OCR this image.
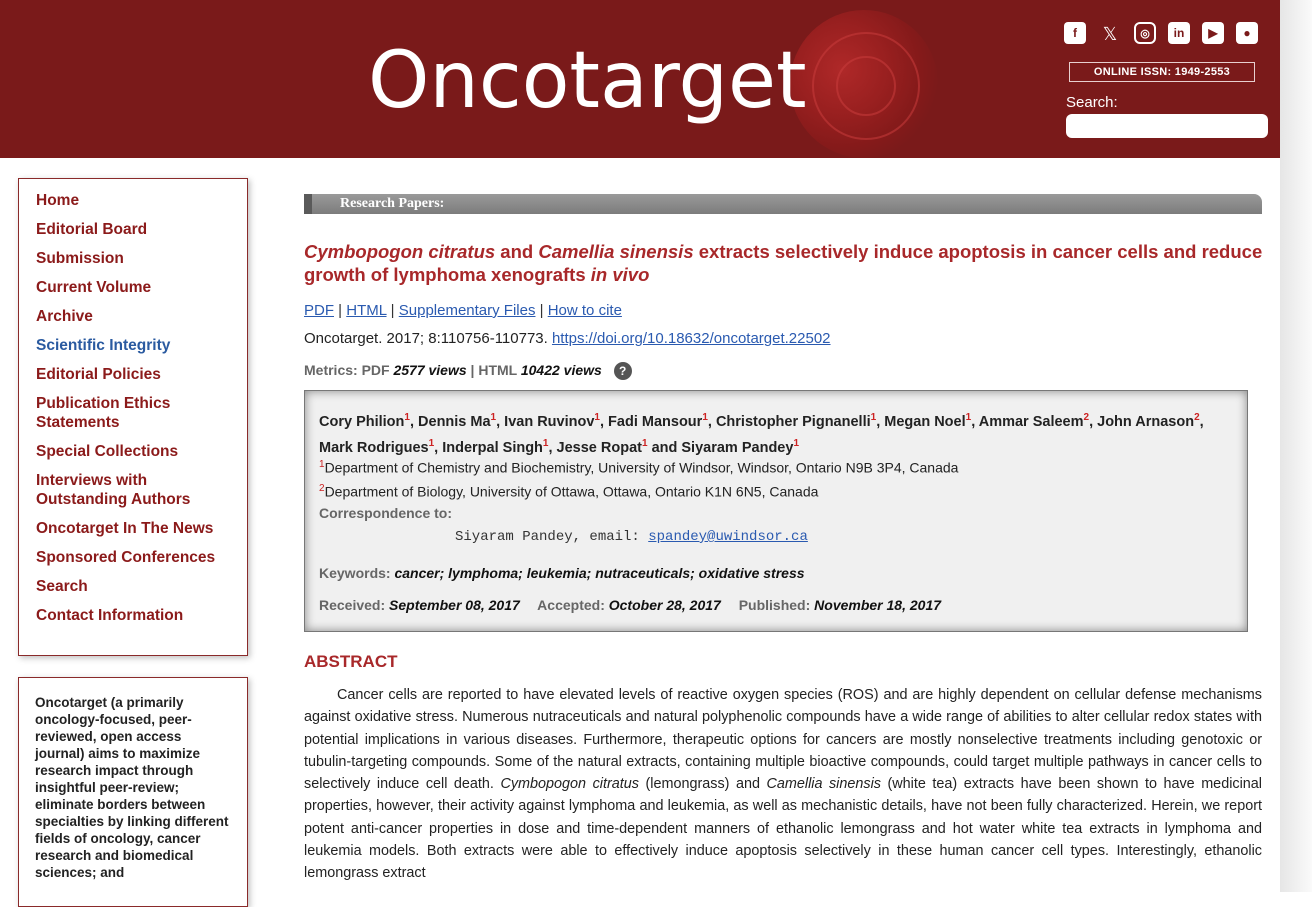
Oncotarget
f	𝕏	◎	in	▶	●
ONLINE ISSN: 1949-2553
Search:
Home
Editorial Board
Submission
Current Volume
Archive
Scientific Integrity
Editorial Policies
Publication Ethics Statements
Special Collections
Interviews with Outstanding Authors
Oncotarget In The News
Sponsored Conferences
Search
Contact Information
Oncotarget (a primarily oncology-focused, peer-reviewed, open access journal) aims to maximize research impact through insightful peer-review; eliminate borders between specialties by linking different fields of oncology, cancer research and biomedical sciences; and
Research Papers:
Cymbopogon citratus and Camellia sinensis extracts selectively induce apoptosis in cancer cells and reduce growth of lymphoma xenografts in vivo
PDF | HTML | Supplementary Files | How to cite
Oncotarget. 2017; 8:110756-110773. https://doi.org/10.18632/oncotarget.22502
Metrics: PDF 2577 views | HTML 10422 views ?
Cory Philion$^1$, Dennis Ma$^1$, Ivan Ruvinov$^1$, Fadi Mansour$^1$, Christopher Pignanelli$^1$, Megan Noel$^1$, Ammar Saleem$^2$, John Arnason$^2$, Mark Rodrigues$^1$, Inderpal Singh$^1$, Jesse Ropat$^1$ and Siyaram Pandey$^1$
$^1$Department of Chemistry and Biochemistry, University of Windsor, Windsor, Ontario N9B 3P4, Canada
$^2$Department of Biology, University of Ottawa, Ottawa, Ontario K1N 6N5, Canada
Correspondence to:
Siyaram Pandey, email: spandey@uwindsor.ca
Keywords: cancer; lymphoma; leukemia; nutraceuticals; oxidative stress
Received: September 08, 2017 Accepted: October 28, 2017 Published: November 18, 2017
ABSTRACT
Cancer cells are reported to have elevated levels of reactive oxygen species (ROS) and are highly dependent on cellular defense mechanisms against oxidative stress. Numerous nutraceuticals and natural polyphenolic compounds have a wide range of abilities to alter cellular redox states with potential implications in various diseases. Furthermore, therapeutic options for cancers are mostly nonselective treatments including genotoxic or tubulin-targeting compounds. Some of the natural extracts, containing multiple bioactive compounds, could target multiple pathways in cancer cells to selectively induce cell death. Cymbopogon citratus (lemongrass) and Camellia sinensis (white tea) extracts have been shown to have medicinal properties, however, their activity against lymphoma and leukemia, as well as mechanistic details, have not been fully characterized. Herein, we report potent anti-cancer properties in dose and time-dependent manners of ethanolic lemongrass and hot water white tea extracts in lymphoma and leukemia models. Both extracts were able to effectively induce apoptosis selectively in these human cancer cell types. Interestingly, ethanolic lemongrass extract
